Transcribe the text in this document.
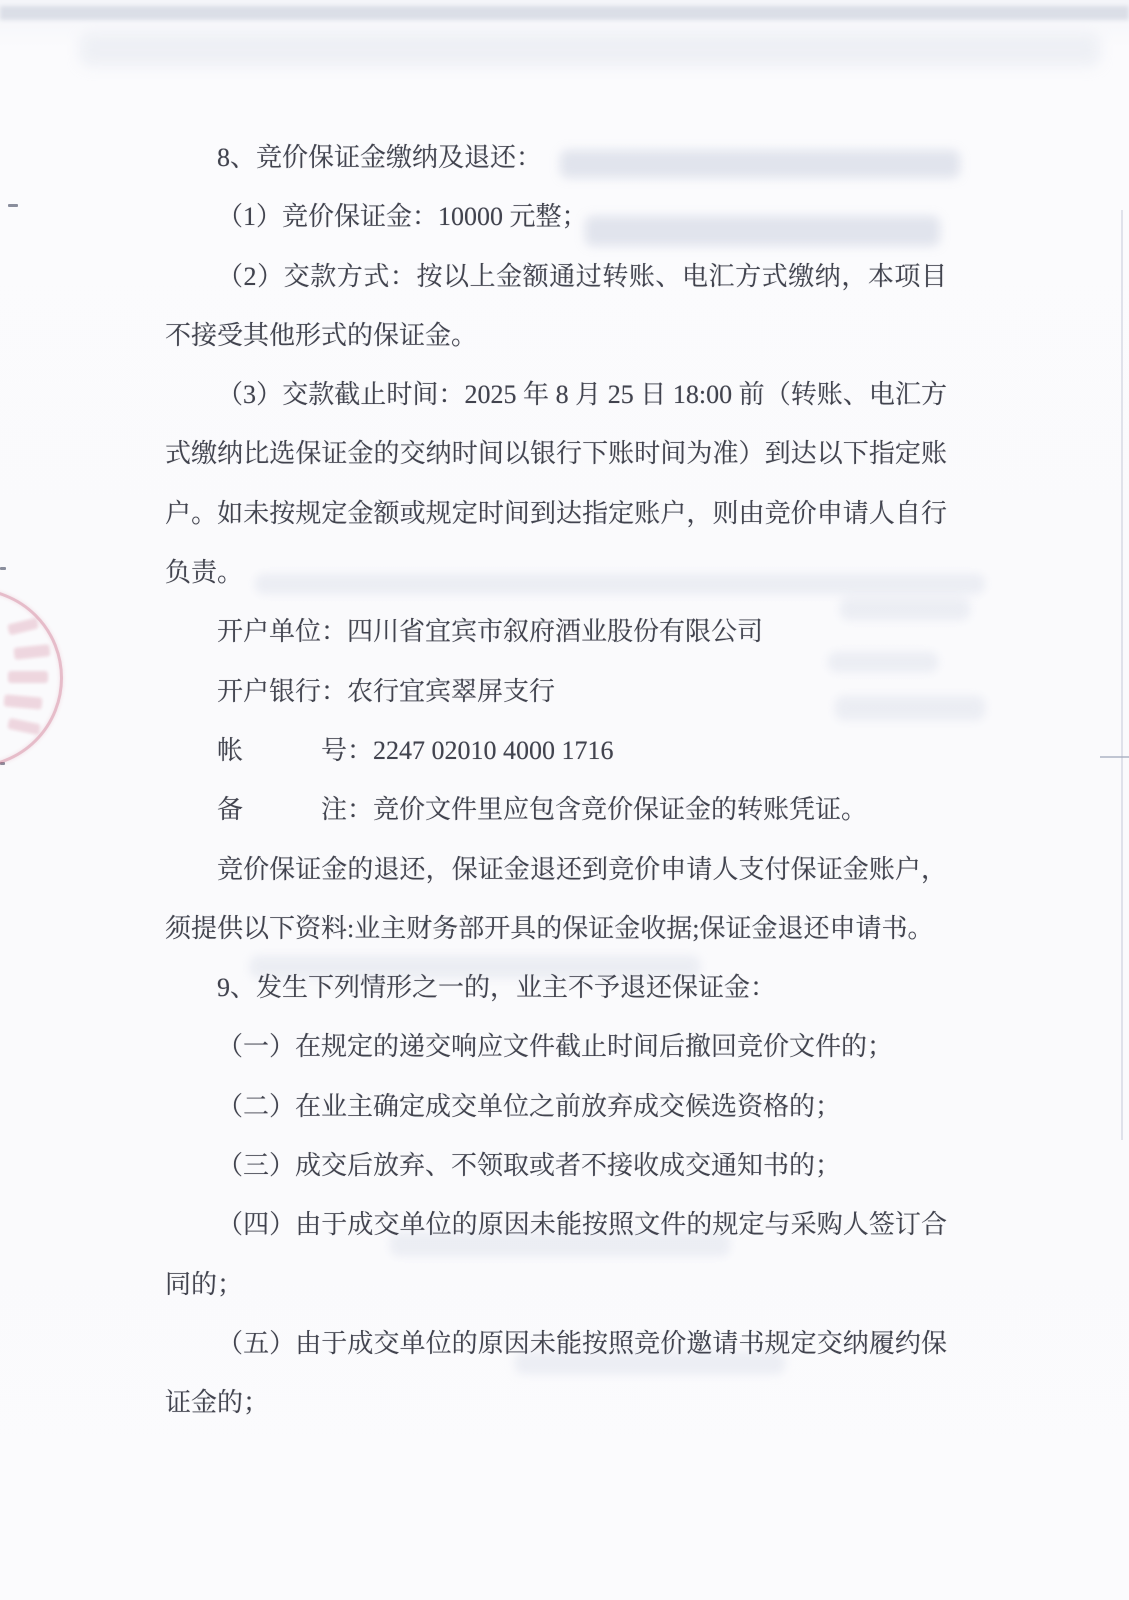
8、竞价保证金缴纳及退还：

（1）竞价保证金：10000 元整；

（2）交款方式：按以上金额通过转账、电汇方式缴纳，本项目不接受其他形式的保证金。

（3）交款截止时间：2025 年 8 月 25 日 18:00 前（转账、电汇方式缴纳比选保证金的交纳时间以银行下账时间为准）到达以下指定账户。如未按规定金额或规定时间到达指定账户，则由竞价申请人自行负责。

开户单位：四川省宜宾市叙府酒业股份有限公司

开户银行：农行宜宾翠屏支行

帐　　　号：2247 02010 4000 1716

备　　　注：竞价文件里应包含竞价保证金的转账凭证。

竞价保证金的退还，保证金退还到竞价申请人支付保证金账户，须提供以下资料:业主财务部开具的保证金收据;保证金退还申请书。

9、发生下列情形之一的，业主不予退还保证金：

（一）在规定的递交响应文件截止时间后撤回竞价文件的；

（二）在业主确定成交单位之前放弃成交候选资格的；

（三）成交后放弃、不领取或者不接收成交通知书的；

（四）由于成交单位的原因未能按照文件的规定与采购人签订合同的；

（五）由于成交单位的原因未能按照竞价邀请书规定交纳履约保证金的；
